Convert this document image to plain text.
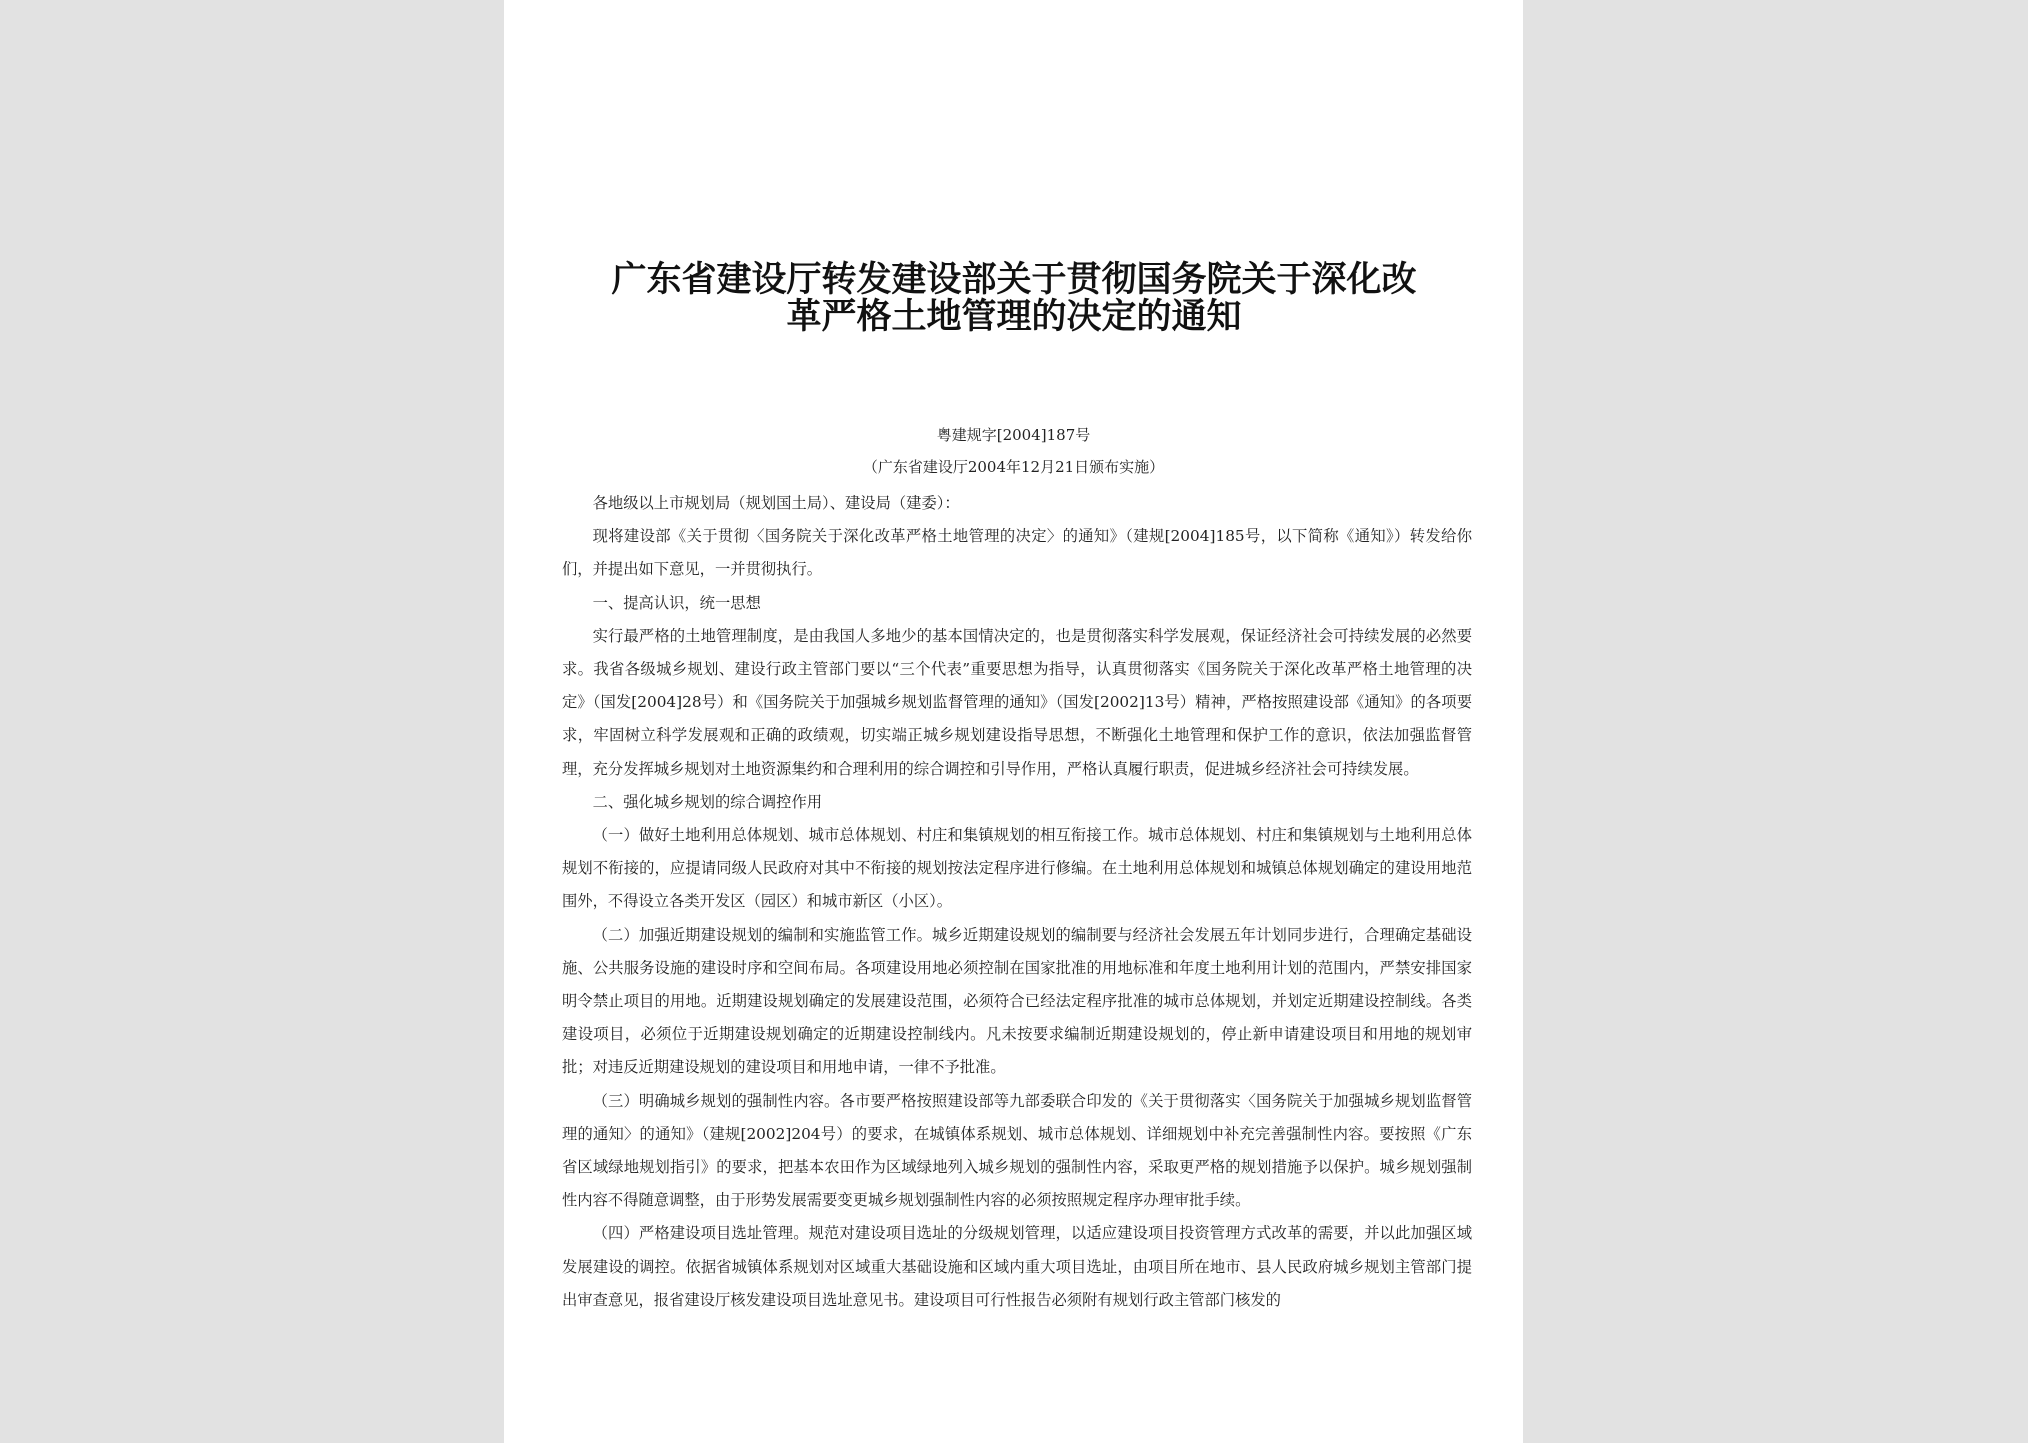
广东省建设厅转发建设部关于贯彻国务院关于深化改
革严格土地管理的决定的通知
粤建规字[2004]187号
（广东省建设厅2004年12月21日颁布实施）

各地级以上市规划局（规划国土局）、建设局（建委）：

现将建设部《关于贯彻〈国务院关于深化改革严格土地管理的决定〉的通知》（建规[2004]185号，以下简称《通知》）转发给你们，并提出如下意见，一并贯彻执行。

一、提高认识，统一思想

实行最严格的土地管理制度，是由我国人多地少的基本国情决定的，也是贯彻落实科学发展观，保证经济社会可持续发展的必然要求。我省各级城乡规划、建设行政主管部门要以“三个代表”重要思想为指导，认真贯彻落实《国务院关于深化改革严格土地管理的决定》（国发[2004]28号）和《国务院关于加强城乡规划监督管理的通知》（国发[2002]13号）精神，严格按照建设部《通知》的各项要求，牢固树立科学发展观和正确的政绩观，切实端正城乡规划建设指导思想，不断强化土地管理和保护工作的意识，依法加强监督管理，充分发挥城乡规划对土地资源集约和合理利用的综合调控和引导作用，严格认真履行职责，促进城乡经济社会可持续发展。

二、强化城乡规划的综合调控作用

（一）做好土地利用总体规划、城市总体规划、村庄和集镇规划的相互衔接工作。城市总体规划、村庄和集镇规划与土地利用总体规划不衔接的，应提请同级人民政府对其中不衔接的规划按法定程序进行修编。在土地利用总体规划和城镇总体规划确定的建设用地范围外，不得设立各类开发区（园区）和城市新区（小区）。

（二）加强近期建设规划的编制和实施监管工作。城乡近期建设规划的编制要与经济社会发展五年计划同步进行，合理确定基础设施、公共服务设施的建设时序和空间布局。各项建设用地必须控制在国家批准的用地标准和年度土地利用计划的范围内，严禁安排国家明令禁止项目的用地。近期建设规划确定的发展建设范围，必须符合已经法定程序批准的城市总体规划，并划定近期建设控制线。各类建设项目，必须位于近期建设规划确定的近期建设控制线内。凡未按要求编制近期建设规划的，停止新申请建设项目和用地的规划审批；对违反近期建设规划的建设项目和用地申请，一律不予批准。

（三）明确城乡规划的强制性内容。各市要严格按照建设部等九部委联合印发的《关于贯彻落实〈国务院关于加强城乡规划监督管理的通知〉的通知》（建规[2002]204号）的要求，在城镇体系规划、城市总体规划、详细规划中补充完善强制性内容。要按照《广东省区域绿地规划指引》的要求，把基本农田作为区域绿地列入城乡规划的强制性内容，采取更严格的规划措施予以保护。城乡规划强制性内容不得随意调整，由于形势发展需要变更城乡规划强制性内容的必须按照规定程序办理审批手续。

（四）严格建设项目选址管理。规范对建设项目选址的分级规划管理，以适应建设项目投资管理方式改革的需要，并以此加强区域发展建设的调控。依据省城镇体系规划对区域重大基础设施和区域内重大项目选址，由项目所在地市、县人民政府城乡规划主管部门提出审查意见，报省建设厅核发建设项目选址意见书。建设项目可行性报告必须附有规划行政主管部门核发的
